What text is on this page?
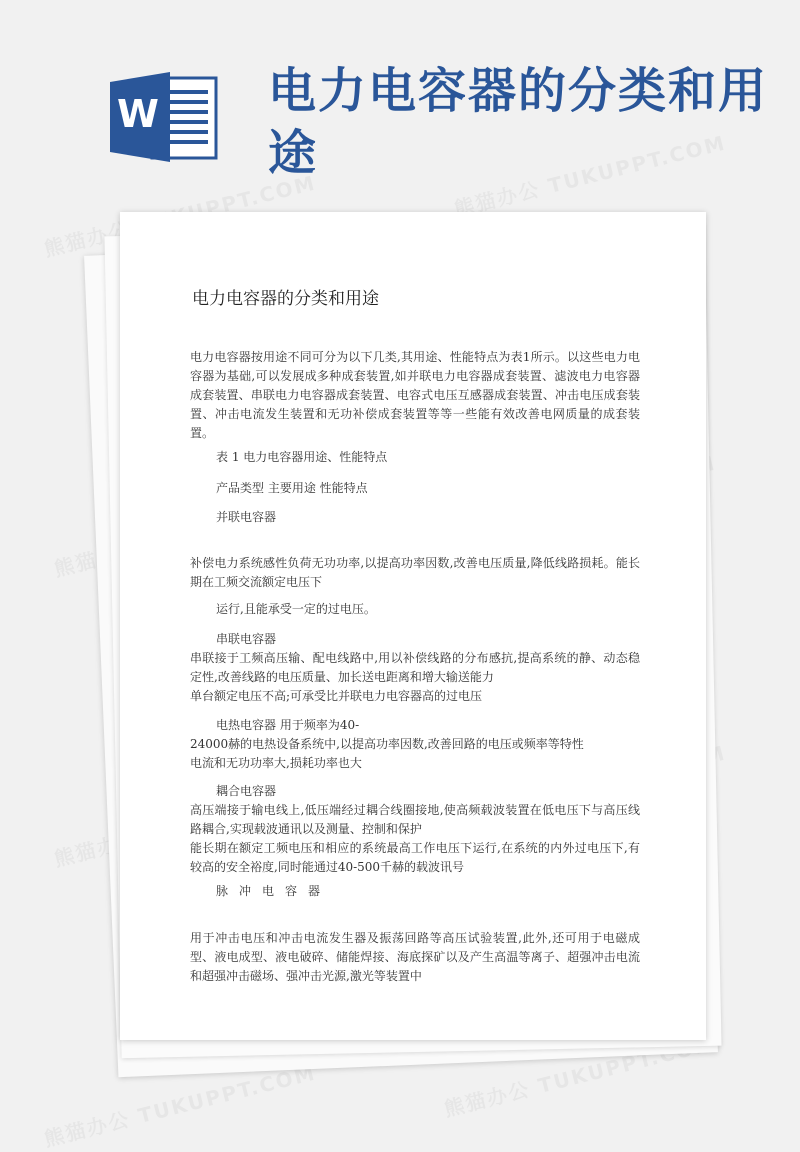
W 电力电容器的分类和用途
电力电容器的分类和用途
电力电容器按用途不同可分为以下几类,其用途、性能特点为表1所示。以这些电力电容器为基础,可以发展成多种成套装置,如并联电力电容器成套装置、滤波电力电容器成套装置、串联电力电容器成套装置、电容式电压互感器成套装置、冲击电压成套装置、冲击电流发生装置和无功补偿成套装置等等一些能有效改善电网质量的成套装置。
表 1 电力电容器用途、性能特点
产品类型 主要用途 性能特点
并联电容器
补偿电力系统感性负荷无功功率,以提高功率因数,改善电压质量,降低线路损耗。能长期在工频交流额定电压下
运行,且能承受一定的过电压。
串联电容器
串联接于工频高压输、配电线路中,用以补偿线路的分布感抗,提高系统的静、动态稳定性,改善线路的电压质量、加长送电距离和增大输送能力
单台额定电压不高;可承受比并联电力电容器高的过电压
电热电容器 用于频率为40-
24000赫的电热设备系统中,以提高功率因数,改善回路的电压或频率等特性
电流和无功功率大,损耗功率也大
耦合电容器
高压端接于输电线上,低压端经过耦合线圈接地,使高频载波装置在低电压下与高压线路耦合,实现载波通讯以及测量、控制和保护
能长期在额定工频电压和相应的系统最高工作电压下运行,在系统的内外过电压下,有较高的安全裕度,同时能通过40-500千赫的载波讯号
脉冲电容器
用于冲击电压和冲击电流发生器及振荡回路等高压试验装置,此外,还可用于电磁成型、液电成型、液电破碎、储能焊接、海底探矿以及产生高温等离子、超强冲击电流和超强冲击磁场、强冲击光源,激光等装置中
